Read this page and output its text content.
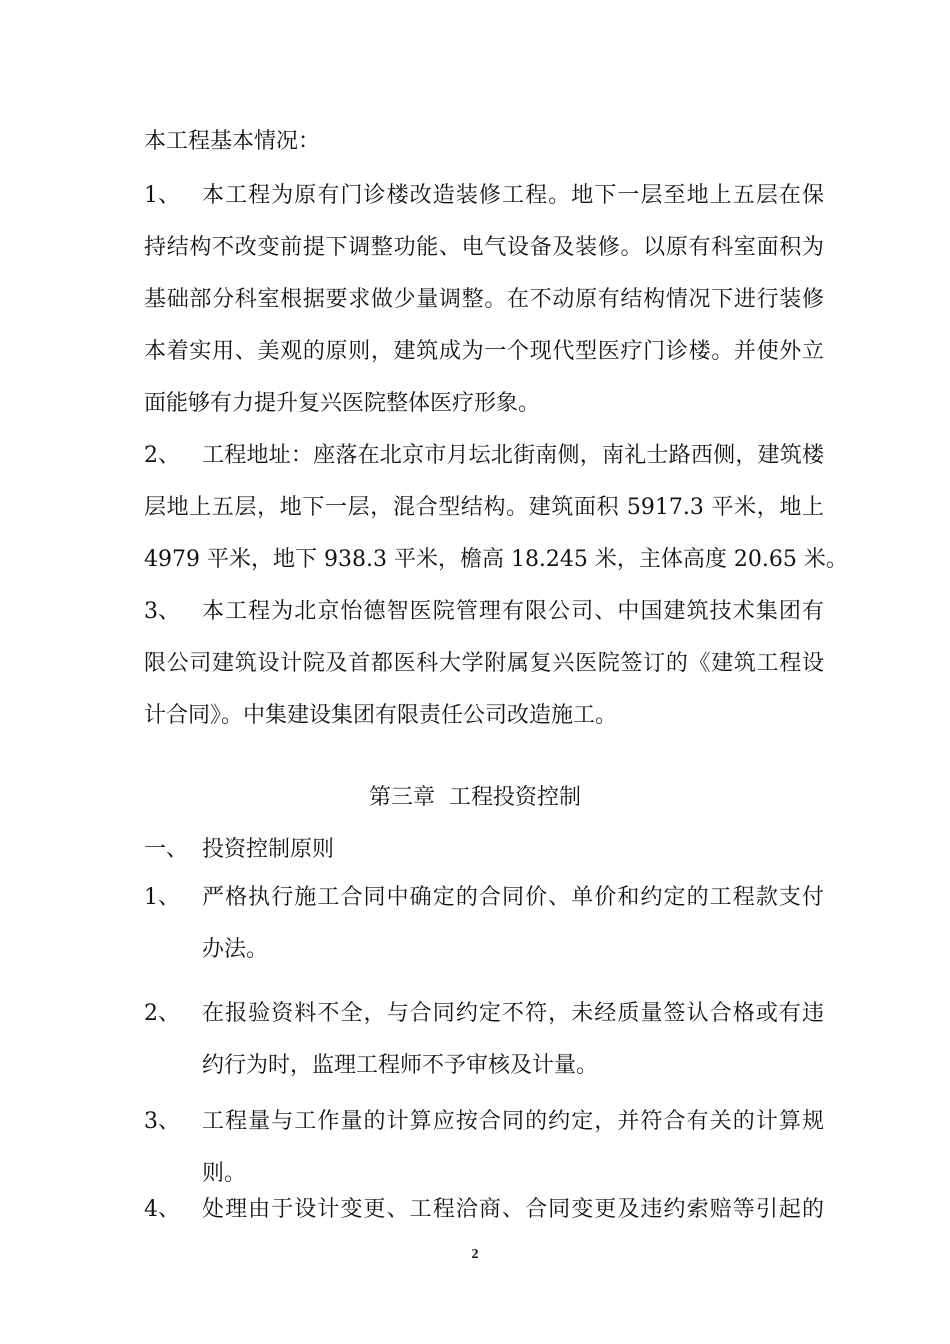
本工程基本情况：
1、 本工程为原有门诊楼改造装修工程。地下一层至地上五层在保
持结构不改变前提下调整功能、电气设备及装修。以原有科室面积为
基础部分科室根据要求做少量调整。在不动原有结构情况下进行装修
本着实用、美观的原则，建筑成为一个现代型医疗门诊楼。并使外立
面能够有力提升复兴医院整体医疗形象。
2、 工程地址：座落在北京市月坛北街南侧，南礼士路西侧，建筑楼
层地上五层，地下一层，混合型结构。建筑面积 5917.3 平米，地上
4979 平米，地下 938.3 平米，檐高 18.245 米，主体高度 20.65 米。
3、 本工程为北京怡德智医院管理有限公司、中国建筑技术集团有
限公司建筑设计院及首都医科大学附属复兴医院签订的《建筑工程设
计合同》。中集建设集团有限责任公司改造施工。
第三章  工程投资控制
一、 投资控制原则
1、 严格执行施工合同中确定的合同价、单价和约定的工程款支付
办法。
2、 在报验资料不全，与合同约定不符，未经质量签认合格或有违
约行为时，监理工程师不予审核及计量。
3、 工程量与工作量的计算应按合同的约定，并符合有关的计算规
则。
2
4、 处理由于设计变更、工程洽商、合同变更及违约索赔等引起的
